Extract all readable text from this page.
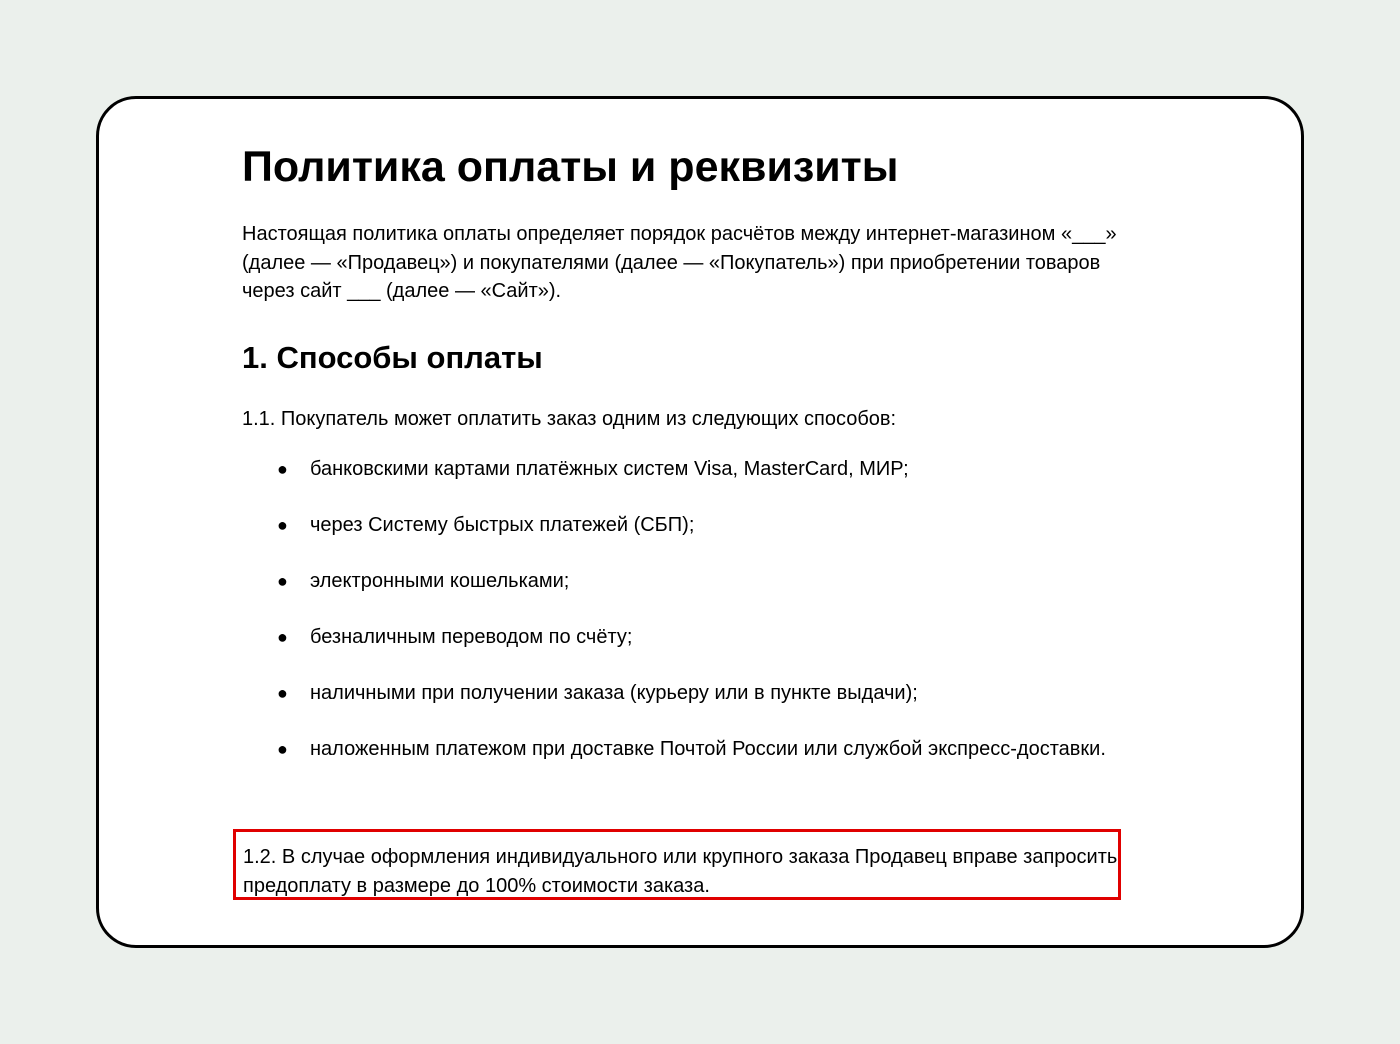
Политика оплаты и реквизиты

Настоящая политика оплаты определяет порядок расчётов между интернет-магазином «___» (далее — «Продавец») и покупателями (далее — «Покупатель») при приобретении товаров через сайт ___ (далее — «Сайт»).

1. Способы оплаты

1.1. Покупатель может оплатить заказ одним из следующих способов:

● банковскими картами платёжных систем Visa, MasterCard, МИР;
● через Систему быстрых платежей (СБП);
● электронными кошельками;
● безналичным переводом по счёту;
● наличными при получении заказа (курьеру или в пункте выдачи);
● наложенным платежом при доставке Почтой России или службой экспресс-доставки.

1.2. В случае оформления индивидуального или крупного заказа Продавец вправе запросить предоплату в размере до 100% стоимости заказа.
